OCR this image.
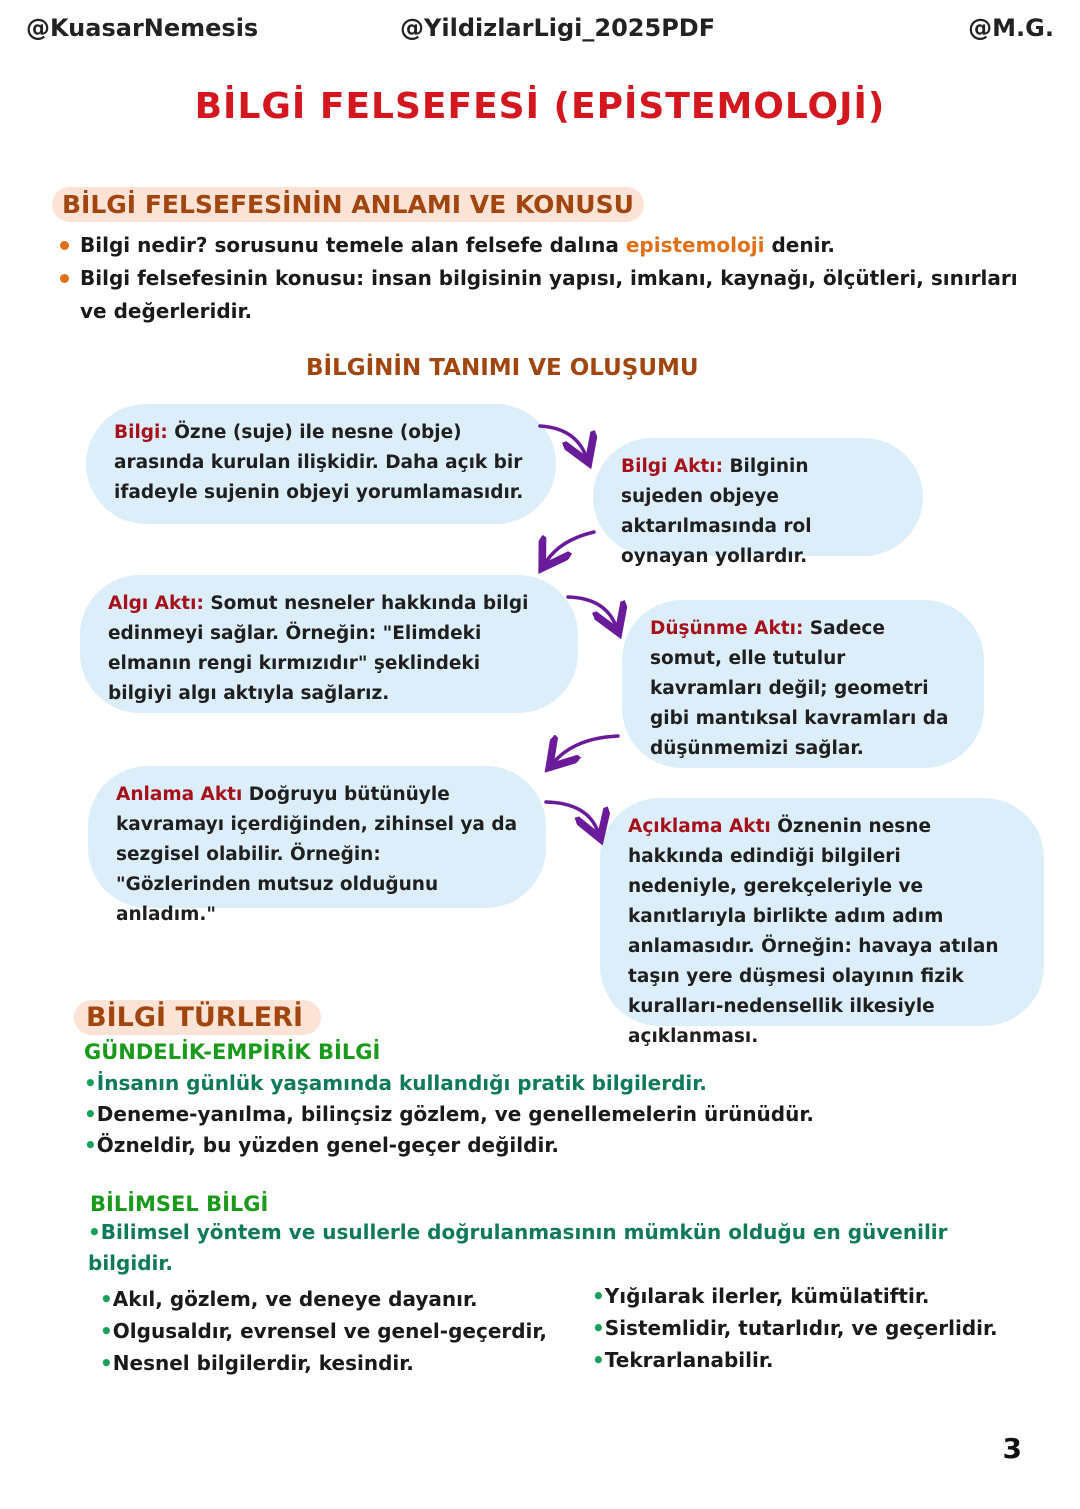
@KuasarNemesis	@YildizlarLigi_2025PDF	@M.G.
BİLGİ FELSEFESİ (EPİSTEMOLOJİ)
BİLGİ FELSEFESİNİN ANLAMI VE KONUSU
Bilgi nedir? sorusunu temele alan felsefe dalına epistemoloji denir.
Bilgi felsefesinin konusu: insan bilgisinin yapısı, imkanı, kaynağı, ölçütleri, sınırları ve değerleridir.
BİLGİNİN TANIMI VE OLUŞUMU
Bilgi: Özne (suje) ile nesne (obje) arasında kurulan ilişkidir. Daha açık bir ifadeyle sujenin objeyi yorumlamasıdır.
Bilgi Aktı: Bilginin sujeden objeye aktarılmasında rol oynayan yollardır.
Algı Aktı: Somut nesneler hakkında bilgi edinmeyi sağlar. Örneğin: "Elimdeki elmanın rengi kırmızıdır" şeklindeki bilgiyi algı aktıyla sağlarız.
Düşünme Aktı: Sadece somut, elle tutulur kavramları değil; geometri gibi mantıksal kavramları da düşünmemizi sağlar.
Anlama Aktı Doğruyu bütünüyle kavramayı içerdiğinden, zihinsel ya da sezgisel olabilir. Örneğin: "Gözlerinden mutsuz olduğunu anladım."
Açıklama Aktı Öznenin nesne hakkında edindiği bilgileri nedeniyle, gerekçeleriyle ve kanıtlarıyla birlikte adım adım anlamasıdır. Örneğin: havaya atılan taşın yere düşmesi olayının fizik kuralları-nedensellik ilkesiyle açıklanması.
BİLGİ TÜRLERİ
GÜNDELİK-EMPİRİK BİLGİ
•İnsanın günlük yaşamında kullandığı pratik bilgilerdir.
•Deneme-yanılma, bilinçsiz gözlem, ve genellemelerin ürünüdür.
•Özneldir, bu yüzden genel-geçer değildir.
BİLİMSEL BİLGİ
•Bilimsel yöntem ve usullerle doğrulanmasının mümkün olduğu en güvenilir bilgidir.
•Akıl, gözlem, ve deneye dayanır.
•Olgusaldır, evrensel ve genel-geçerdir,
•Nesnel bilgilerdir, kesindir.
•Yığılarak ilerler, kümülatiftir.
•Sistemlidir, tutarlıdır, ve geçerlidir.
•Tekrarlanabilir.
3
